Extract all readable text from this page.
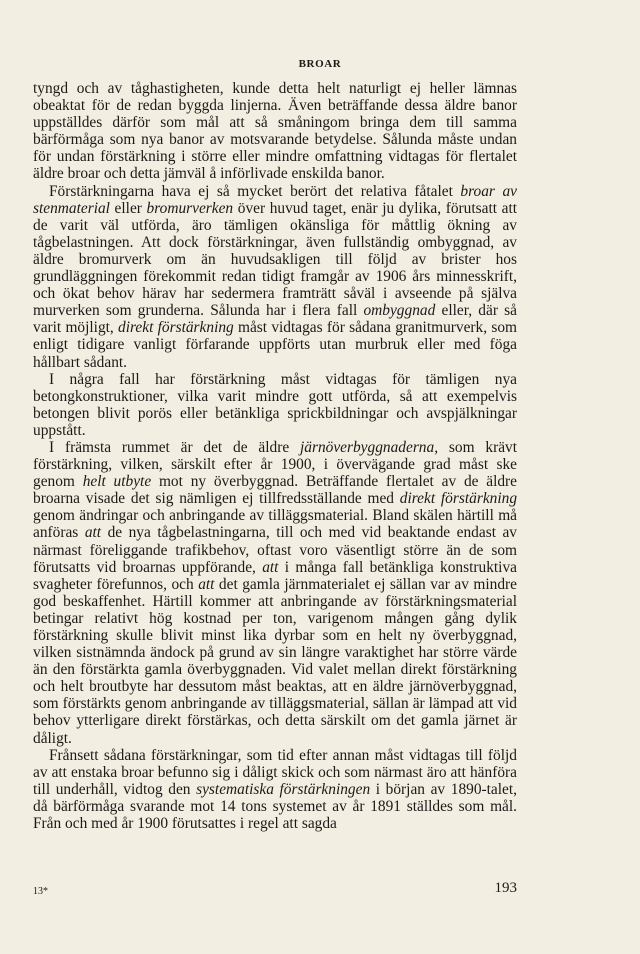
BROAR

tyngd och av tåghastigheten, kunde detta helt naturligt ej heller lämnas obeaktat för de redan byggda linjerna. Även beträffande dessa äldre banor uppställdes därför som mål att så småningom bringa dem till samma bärförmåga som nya banor av motsvarande betydelse. Sålunda måste undan för undan förstärkning i större eller mindre omfattning vidtagas för flertalet äldre broar och detta jämväl å införlivade enskilda banor.

Förstärkningarna hava ej så mycket berört det relativa fåtalet broar av stenmaterial eller bromurverken över huvud taget, enär ju dylika, förutsatt att de varit väl utförda, äro tämligen okänsliga för måttlig ökning av tågbelastningen. Att dock förstärkningar, även fullständig ombyggnad, av äldre bromurverk om än huvudsakligen till följd av brister hos grundläggningen förekommit redan tidigt framgår av 1906 års minnesskrift, och ökat behov härav har sedermera framträtt såväl i avseende på själva murverken som grunderna. Sålunda har i flera fall ombyggnad eller, där så varit möjligt, direkt förstärkning måst vidtagas för sådana granitmurverk, som enligt tidigare vanligt förfarande uppförts utan murbruk eller med föga hållbart sådant.

I några fall har förstärkning måst vidtagas för tämligen nya betongkonstruktioner, vilka varit mindre gott utförda, så att exempelvis betongen blivit porös eller betänkliga sprickbildningar och avspjälkningar uppstått.

I främsta rummet är det de äldre järnöverbyggnaderna, som krävt förstärkning, vilken, särskilt efter år 1900, i övervägande grad måst ske genom helt utbyte mot ny överbyggnad. Beträffande flertalet av de äldre broarna visade det sig nämligen ej tillfredsställande med direkt förstärkning genom ändringar och anbringande av tilläggsmaterial. Bland skälen härtill må anföras att de nya tågbelastningarna, till och med vid beaktande endast av närmast föreliggande trafikbehov, oftast voro väsentligt större än de som förutsatts vid broarnas uppförande, att i många fall betänkliga konstruktiva svagheter förefunnos, och att det gamla järnmaterialet ej sällan var av mindre god beskaffenhet. Härtill kommer att anbringande av förstärkningsmaterial betingar relativt hög kostnad per ton, varigenom mången gång dylik förstärkning skulle blivit minst lika dyrbar som en helt ny överbyggnad, vilken sistnämnda ändock på grund av sin längre varaktighet har större värde än den förstärkta gamla överbyggnaden. Vid valet mellan direkt förstärkning och helt broutbyte har dessutom måst beaktas, att en äldre järnöverbyggnad, som förstärkts genom anbringande av tilläggsmaterial, sällan är lämpad att vid behov ytterligare direkt förstärkas, och detta särskilt om det gamla järnet är dåligt.

Frånsett sådana förstärkningar, som tid efter annan måst vidtagas till följd av att enstaka broar befunno sig i dåligt skick och som närmast äro att hänföra till underhåll, vidtog den systematiska förstärkningen i början av 1890-talet, då bärförmåga svarande mot 14 tons systemet av år 1891 ställdes som mål. Från och med år 1900 förutsattes i regel att sagda

13*	193
